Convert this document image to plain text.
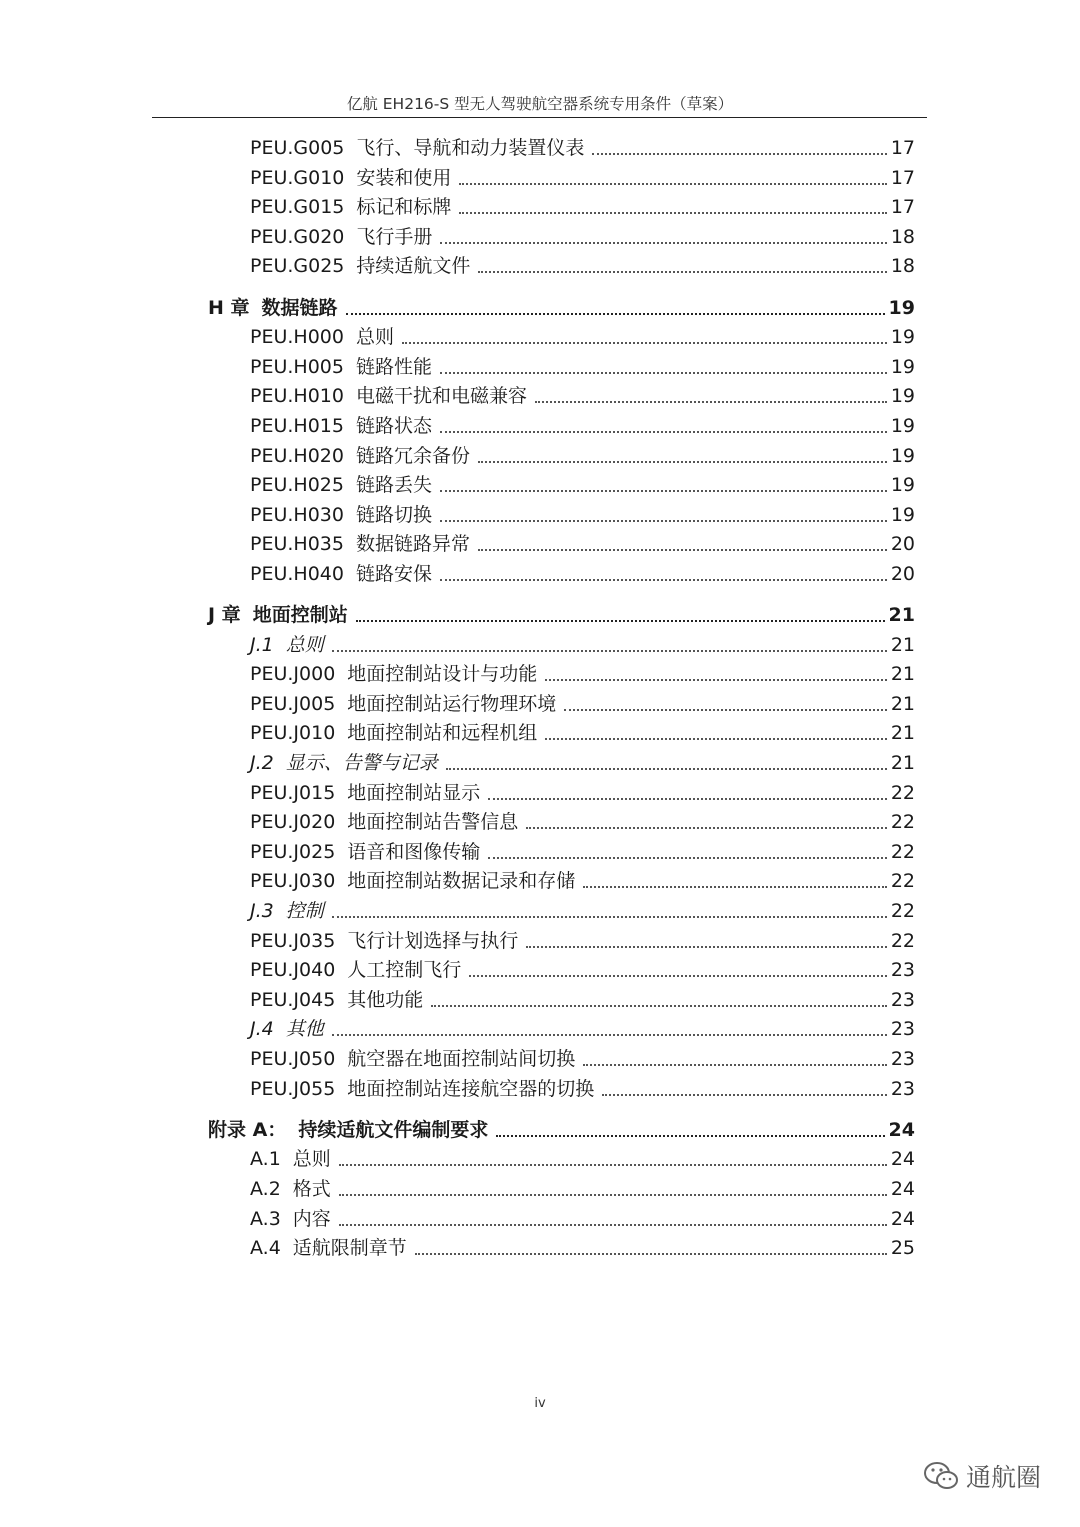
亿航 EH216-S 型无人驾驶航空器系统专用条件（草案）
PEU.G005 飞行、导航和动力装置仪表	17
PEU.G010 安装和使用	17
PEU.G015 标记和标牌	17
PEU.G020 飞行手册	18
PEU.G025 持续适航文件	18
H 章 数据链路	19
PEU.H000 总则	19
PEU.H005 链路性能	19
PEU.H010 电磁干扰和电磁兼容	19
PEU.H015 链路状态	19
PEU.H020 链路冗余备份	19
PEU.H025 链路丢失	19
PEU.H030 链路切换	19
PEU.H035 数据链路异常	20
PEU.H040 链路安保	20
J 章 地面控制站	21
J.1 总则	21
PEU.J000 地面控制站设计与功能	21
PEU.J005 地面控制站运行物理环境	21
PEU.J010 地面控制站和远程机组	21
J.2 显示、告警与记录	21
PEU.J015 地面控制站显示	22
PEU.J020 地面控制站告警信息	22
PEU.J025 语音和图像传输	22
PEU.J030 地面控制站数据记录和存储	22
J.3 控制	22
PEU.J035 飞行计划选择与执行	22
PEU.J040 人工控制飞行	23
PEU.J045 其他功能	23
J.4 其他	23
PEU.J050 航空器在地面控制站间切换	23
PEU.J055 地面控制站连接航空器的切换	23
附录 A： 持续适航文件编制要求	24
A.1 总则	24
A.2 格式	24
A.3 内容	24
A.4 适航限制章节	25
iv
通航圈
